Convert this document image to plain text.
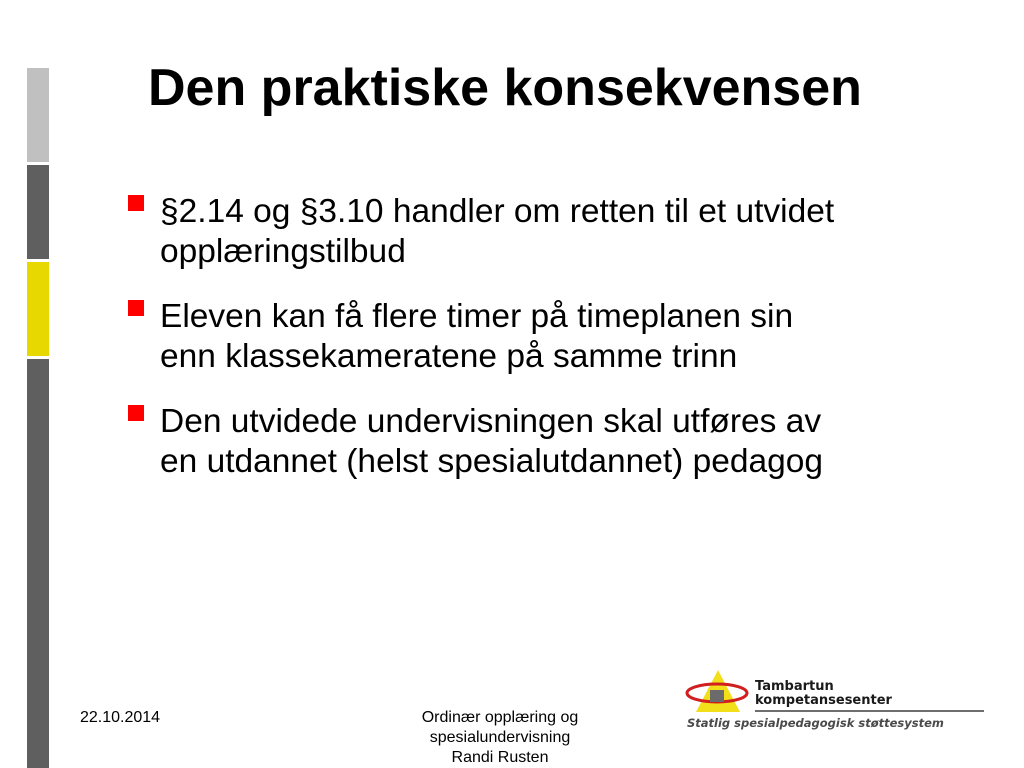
Den praktiske konsekvensen
§2.14 og §3.10 handler om retten til et utvidet
opplæringstilbud
Eleven kan få flere timer på timeplanen sin
enn klassekameratene på samme trinn
Den utvidede undervisningen skal utføres av
en utdannet (helst spesialutdannet) pedagog
22.10.2014	Ordinær opplæring og
spesialundervisning
Randi Rusten
Tambartun
kompetansesenter
Statlig spesialpedagogisk støttesystem
